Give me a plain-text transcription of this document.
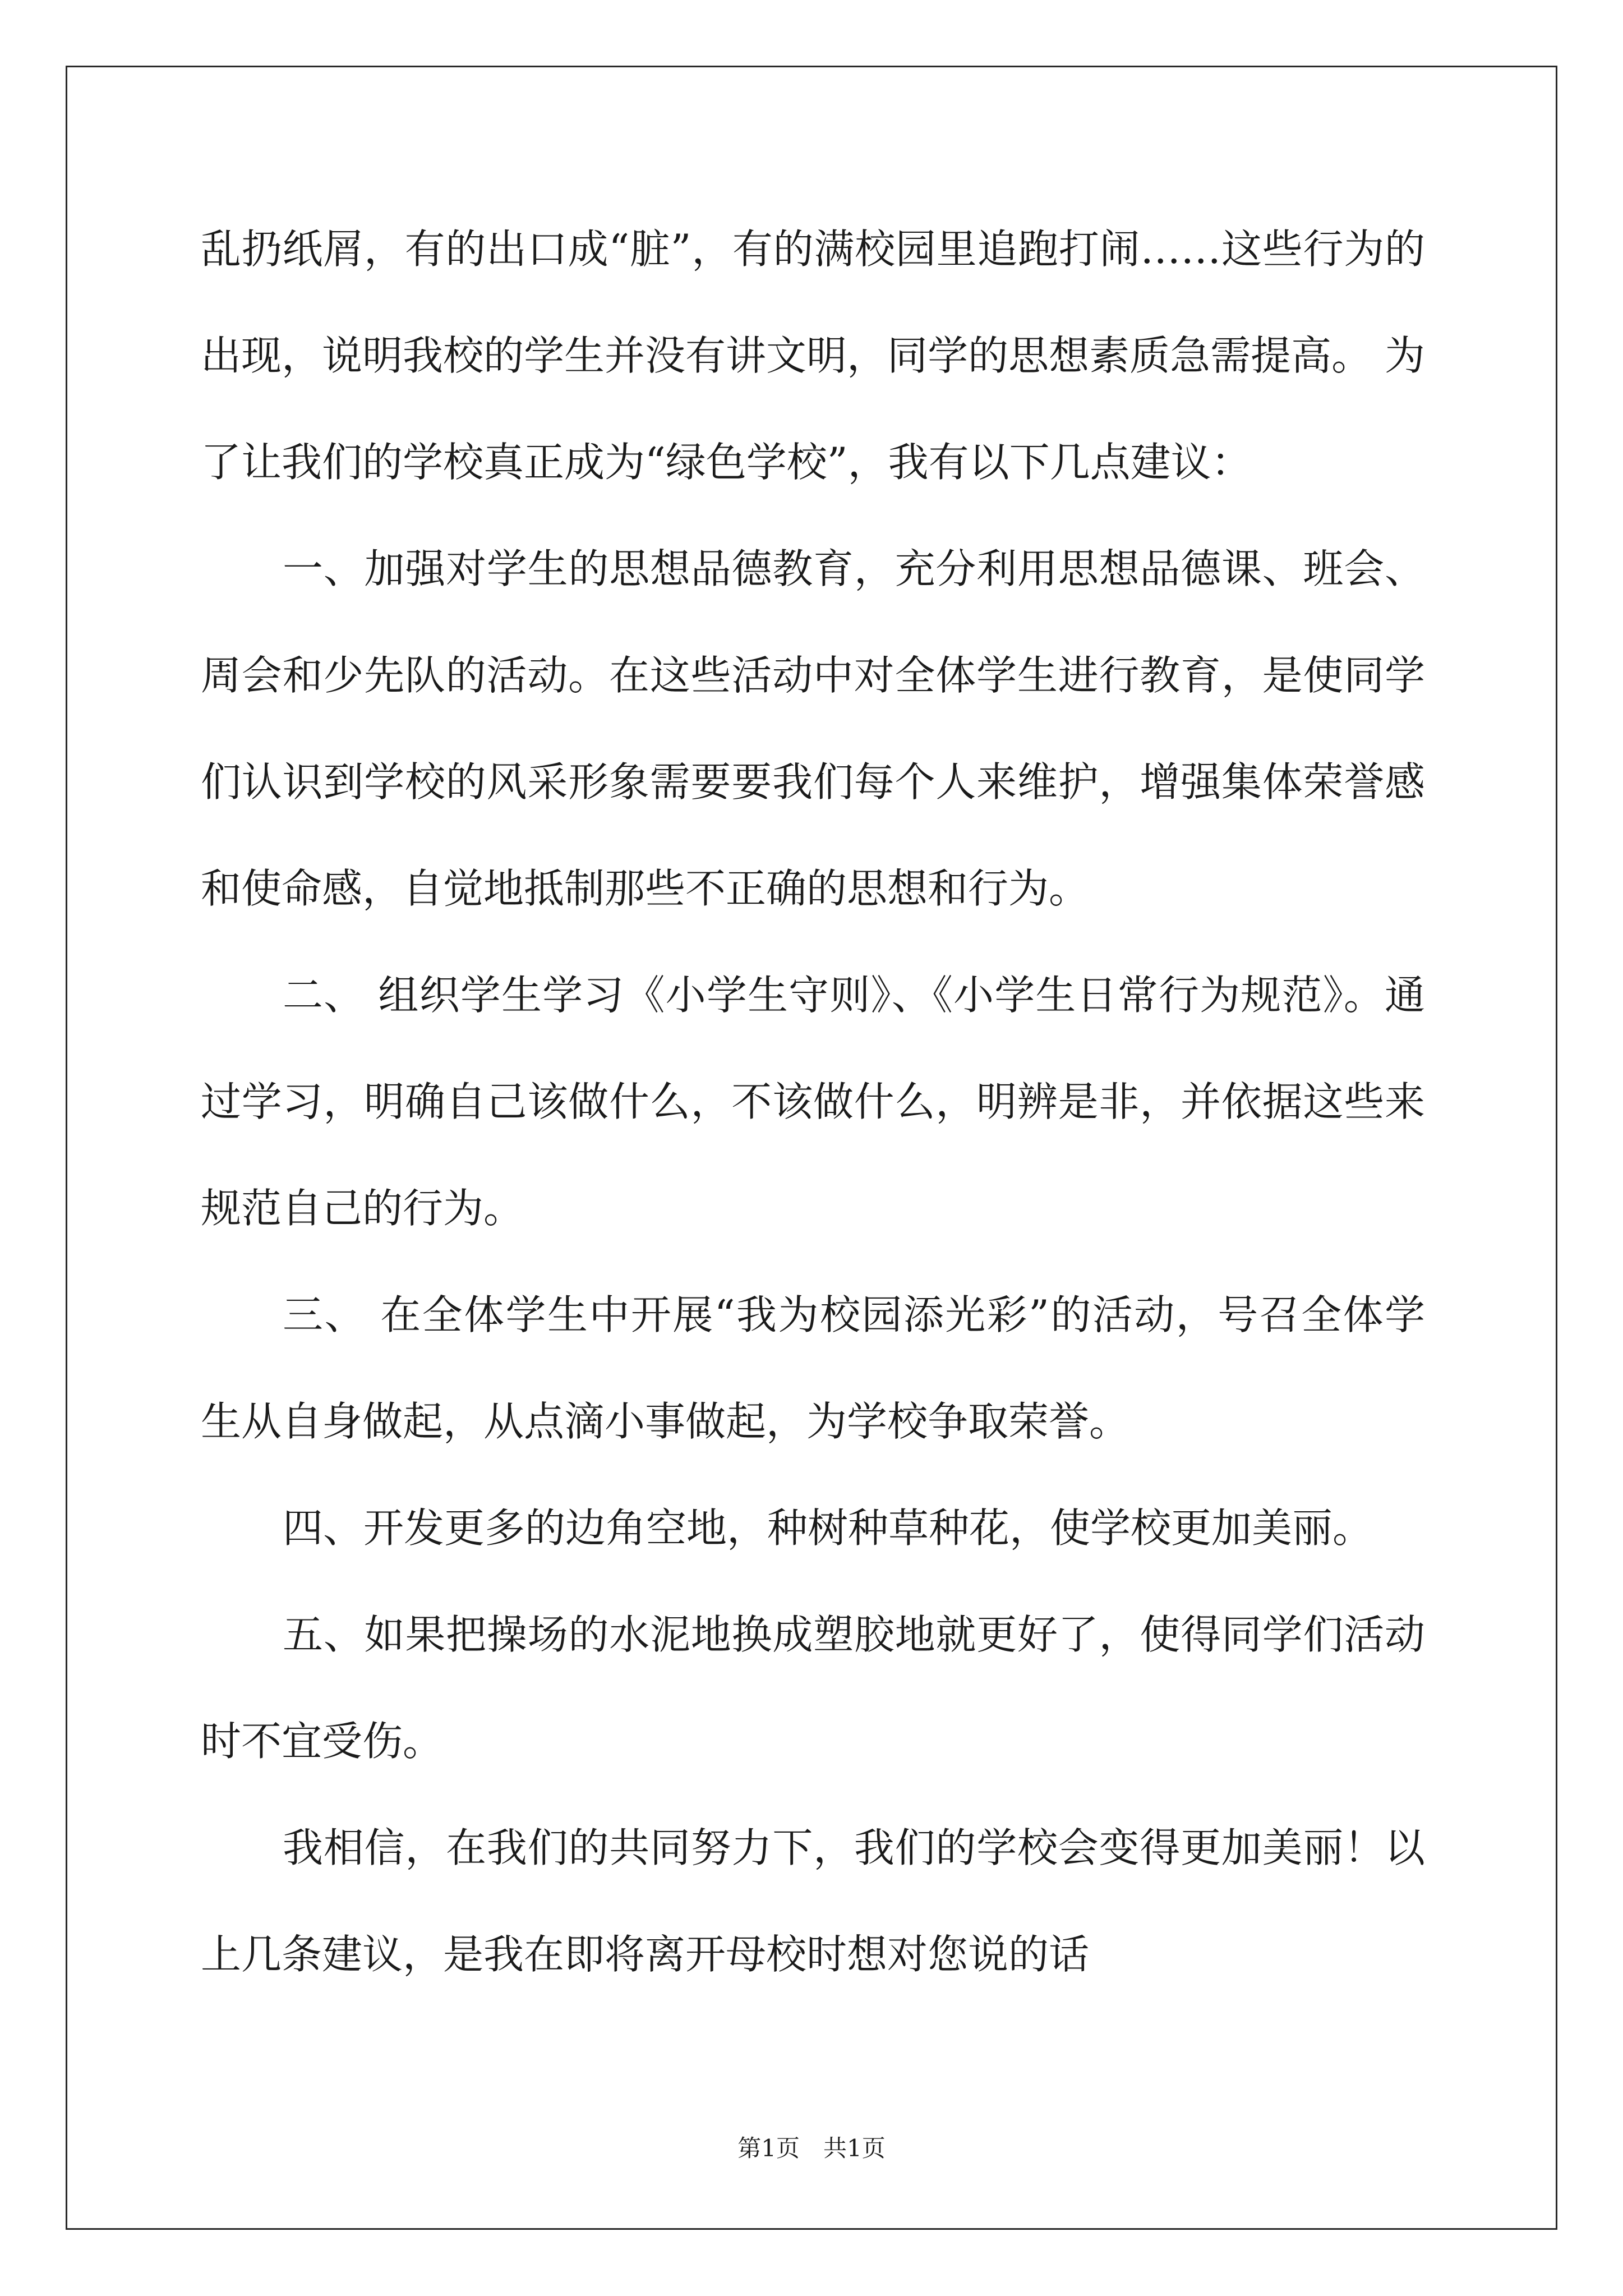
乱扔纸屑，有的出口成“脏”，有的满校园里追跑打闹……这些行为的
出现，说明我校的学生并没有讲文明，同学的思想素质急需提高。 为
了让我们的学校真正成为“绿色学校”，我有以下几点建议：
一、加强对学生的思想品德教育，充分利用思想品德课、班会、
周会和少先队的活动。在这些活动中对全体学生进行教育，是使同学
们认识到学校的风采形象需要要我们每个人来维护，增强集体荣誉感
和使命感，自觉地抵制那些不正确的思想和行为。
二、 组织学生学习《小学生守则》、《小学生日常行为规范》。通
过学习，明确自己该做什么，不该做什么，明辨是非，并依据这些来
规范自己的行为。
三、 在全体学生中开展“我为校园添光彩”的活动，号召全体学
生从自身做起，从点滴小事做起，为学校争取荣誉。
四、开发更多的边角空地，种树种草种花，使学校更加美丽。
五、如果把操场的水泥地换成塑胶地就更好了，使得同学们活动
时不宜受伤。
我相信，在我们的共同努力下，我们的学校会变得更加美丽！以
上几条建议，是我在即将离开母校时想对您说的话
第1页　共1页
